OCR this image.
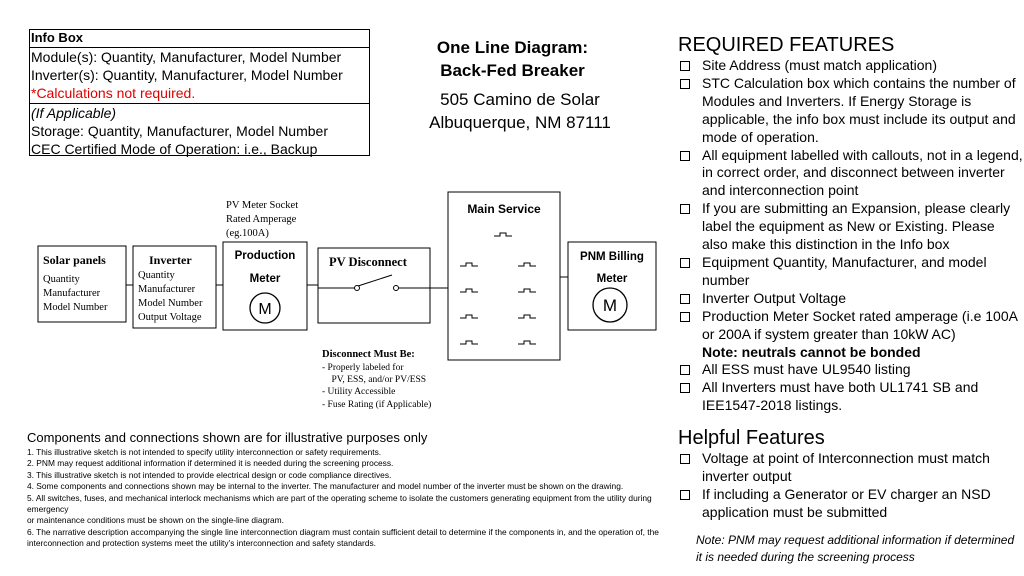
Info Box
Module(s): Quantity, Manufacturer, Model Number
Inverter(s): Quantity, Manufacturer, Model Number
*Calculations not required.
(If Applicable)
Storage: Quantity, Manufacturer, Model Number
CEC Certified Mode of Operation: i.e., Backup
One Line Diagram:
Back-Fed Breaker
505 Camino de Solar
Albuquerque, NM 87111
Solar panels
Quantity
Manufacturer
Model Number
Inverter
Quantity
Manufacturer
Model Number
Output Voltage
PV Meter Socket
Rated Amperage
(eg.100A)
Production
Meter
M
PV Disconnect
Disconnect Must Be:
- Properly labeled for
PV, ESS, and/or PV/ESS
- Utility Accessible
- Fuse Rating (if Applicable)
Main Service
PNM Billing
Meter
M
REQUIRED FEATURES
Site Address (must match application)
STC Calculation box which contains the number of Modules and Inverters. If Energy Storage is applicable, the info box must include its output and mode of operation.
All equipment labelled with callouts, not in a legend, in correct order, and disconnect between inverter and interconnection point
If you are submitting an Expansion, please clearly label the equipment as New or Existing. Please also make this distinction in the Info box
Equipment Quantity, Manufacturer, and model number
Inverter Output Voltage
Production Meter Socket rated amperage (i.e 100A or 200A if system greater than 10kW AC)
Note: neutrals cannot be bonded
All ESS must have UL9540 listing
All Inverters must have both UL1741 SB and IEE1547-2018 listings.
Helpful Features
Voltage at point of Interconnection must match inverter output
If including a Generator or EV charger an NSD application must be submitted
Note: PNM may request additional information if determined it is needed during the screening process
Components and connections shown are for illustrative purposes only
1. This illustrative sketch is not intended to specify utility interconnection or safety requirements.
2. PNM may request additional information if determined it is needed during the screening process.
3. This illustrative sketch is not intended to provide electrical design or code compliance directives.
4. Some components and connections shown may be internal to the inverter. The manufacturer and model number of the inverter must be shown on the drawing.
5. All switches, fuses, and mechanical interlock mechanisms which are part of the operating scheme to isolate the customers generating equipment from the utility during emergency
or maintenance conditions must be shown on the single-line diagram.
6. The narrative description accompanying the single line interconnection diagram must contain sufficient detail to determine if the components in, and the operation of, the
interconnection and protection systems meet the utility’s interconnection and safety standards.
